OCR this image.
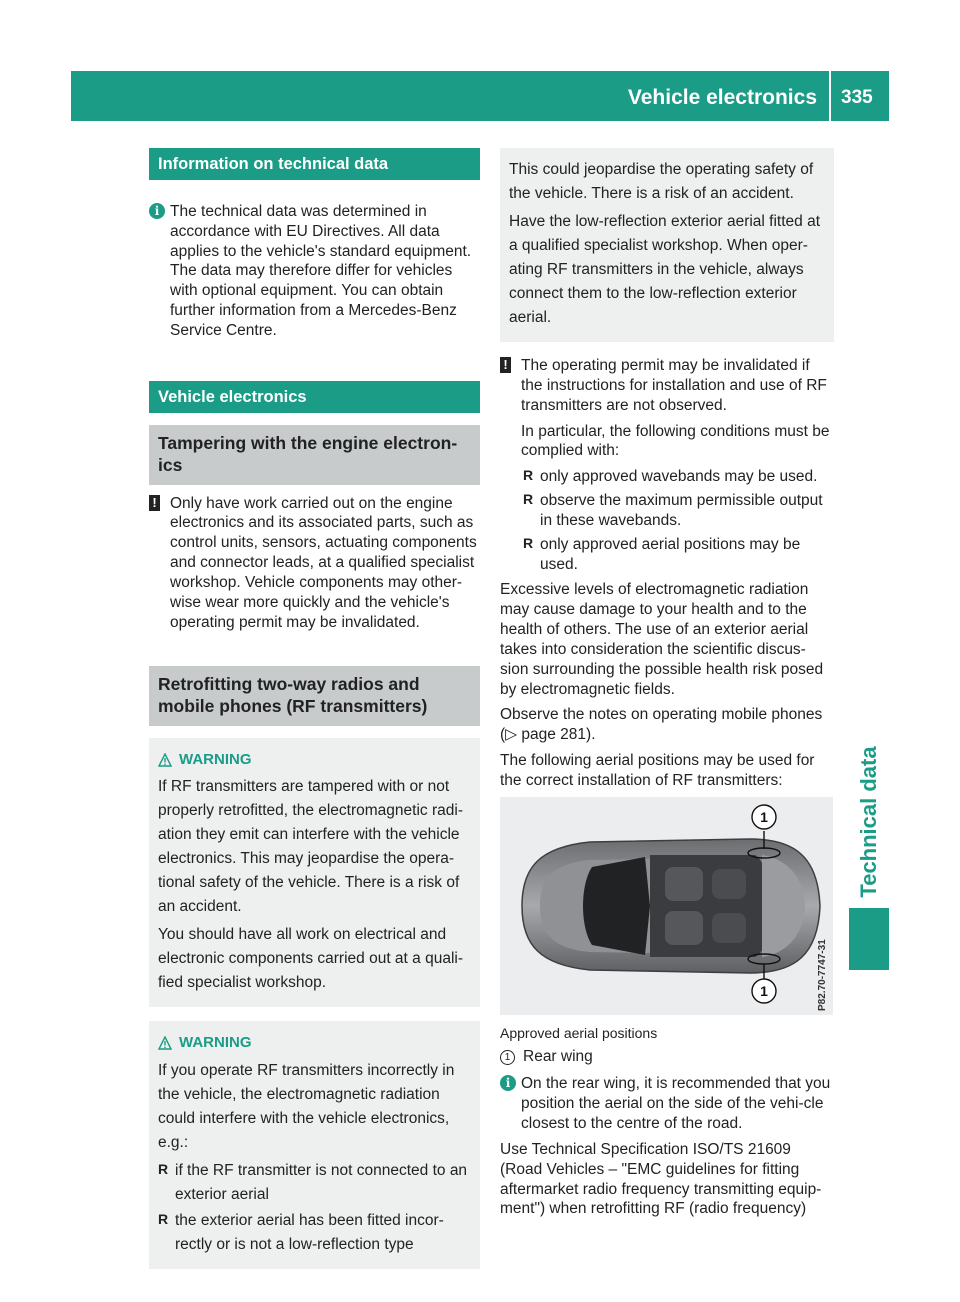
Vehicle electronics 335
Technical data
Information on technical data
i The technical data was determined in accordance with EU Directives. All data applies to the vehicle's standard equipment. The data may therefore differ for vehicles with optional equipment. You can obtain further information from a Mercedes-Benz Service Centre.
Vehicle electronics
Tampering with the engine electron-ics
! Only have work carried out on the engine electronics and its associated parts, such as control units, sensors, actuating components and connector leads, at a qualified specialist workshop. Vehicle components may other-wise wear more quickly and the vehicle's operating permit may be invalidated.
Retrofitting two-way radios and mobile phones (RF transmitters)
WARNING

If RF transmitters are tampered with or not properly retrofitted, the electromagnetic radi-ation they emit can interfere with the vehicle electronics. This may jeopardise the opera-tional safety of the vehicle. There is a risk of an accident.

You should have all work on electrical and electronic components carried out at a quali-fied specialist workshop.

WARNING

If you operate RF transmitters incorrectly in the vehicle, the electromagnetic radiation could interfere with the vehicle electronics, e.g.:

R if the RF transmitter is not connected to an exterior aerial
R the exterior aerial has been fitted incor-rectly or is not a low-reflection type

This could jeopardise the operating safety of the vehicle. There is a risk of an accident.

Have the low-reflection exterior aerial fitted at a qualified specialist workshop. When oper-ating RF transmitters in the vehicle, always connect them to the low-reflection exterior aerial.

! The operating permit may be invalidated if the instructions for installation and use of RF transmitters are not observed.

In particular, the following conditions must be complied with:

R only approved wavebands may be used.
R observe the maximum permissible output in these wavebands.
R only approved aerial positions may be used.

Excessive levels of electromagnetic radiation may cause damage to your health and to the health of others. The use of an exterior aerial takes into consideration the scientific discus-sion surrounding the possible health risk posed by electromagnetic fields.

Observe the notes on operating mobile phones (▷ page 281).

The following aerial positions may be used for the correct installation of RF transmitters:

1
1	P82.70-7747-31
Approved aerial positions

1 Rear wing

i On the rear wing, it is recommended that you position the aerial on the side of the vehi-cle closest to the centre of the road.

Use Technical Specification ISO/TS 21609 (Road Vehicles – "EMC guidelines for fitting aftermarket radio frequency transmitting equip-ment") when retrofitting RF (radio frequency)
